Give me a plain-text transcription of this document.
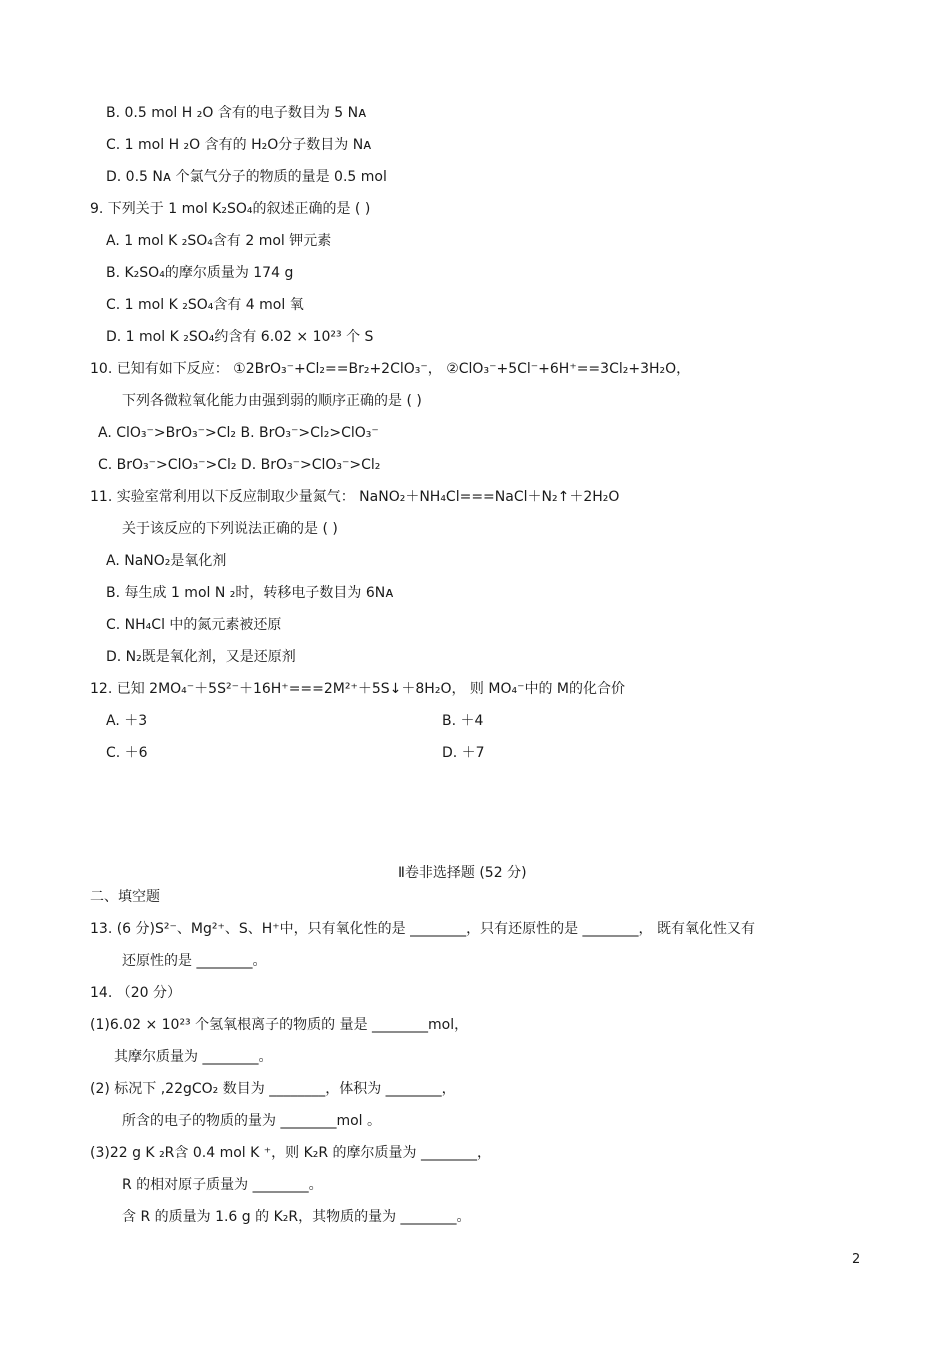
B. 0.5 mol H ₂O 含有的电子数目为 5 Nᴀ
C. 1 mol H ₂O 含有的 H₂O分子数目为 Nᴀ
D. 0.5 Nᴀ 个氯气分子的物质的量是 0.5 mol
9. 下列关于 1 mol K₂SO₄的叙述正确的是 ( )
A. 1 mol K ₂SO₄含有 2 mol 钾元素
B. K₂SO₄的摩尔质量为 174 g
C. 1 mol K ₂SO₄含有 4 mol 氧
D. 1 mol K ₂SO₄约含有 6.02 × 10²³ 个 S
10. 已知有如下反应： ①2BrO₃⁻+Cl₂==Br₂+2ClO₃⁻， ②ClO₃⁻+5Cl⁻+6H⁺==3Cl₂+3H₂O，
下列各微粒氧化能力由强到弱的顺序正确的是 ( )
A. ClO₃⁻>BrO₃⁻>Cl₂ B. BrO₃⁻>Cl₂>ClO₃⁻
C. BrO₃⁻>ClO₃⁻>Cl₂ D. BrO₃⁻>ClO₃⁻>Cl₂
11. 实验室常利用以下反应制取少量氮气： NaNO₂＋NH₄Cl===NaCl＋N₂↑＋2H₂O
关于该反应的下列说法正确的是 ( )
A. NaNO₂是氧化剂
B. 每生成 1 mol N ₂时，转移电子数目为 6Nᴀ
C. NH₄Cl 中的氮元素被还原
D. N₂既是氧化剂，又是还原剂
12. 已知 2MO₄⁻＋5S²⁻＋16H⁺===2M²⁺＋5S↓＋8H₂O， 则 MO₄⁻中的 M的化合价
A. ＋3	B. ＋4
C. ＋6	D. ＋7
Ⅱ卷非选择题 (52 分)
二、填空题
13. (6 分)S²⁻、Mg²⁺、S、H⁺中，只有氧化性的是 ________，只有还原性的是 ________， 既有氧化性又有
还原性的是 ________。
14. （20 分）
(1)6.02 × 10²³ 个氢氧根离子的物质的 量是 ________mol，
其摩尔质量为 ________。
(2) 标况下 ,22gCO₂ 数目为 ________，体积为 ________，
所含的电子的物质的量为 ________mol 。
(3)22 g K ₂R含 0.4 mol K ⁺，则 K₂R 的摩尔质量为 ________，
R 的相对原子质量为 ________。
含 R 的质量为 1.6 g 的 K₂R，其物质的量为 ________。
2
